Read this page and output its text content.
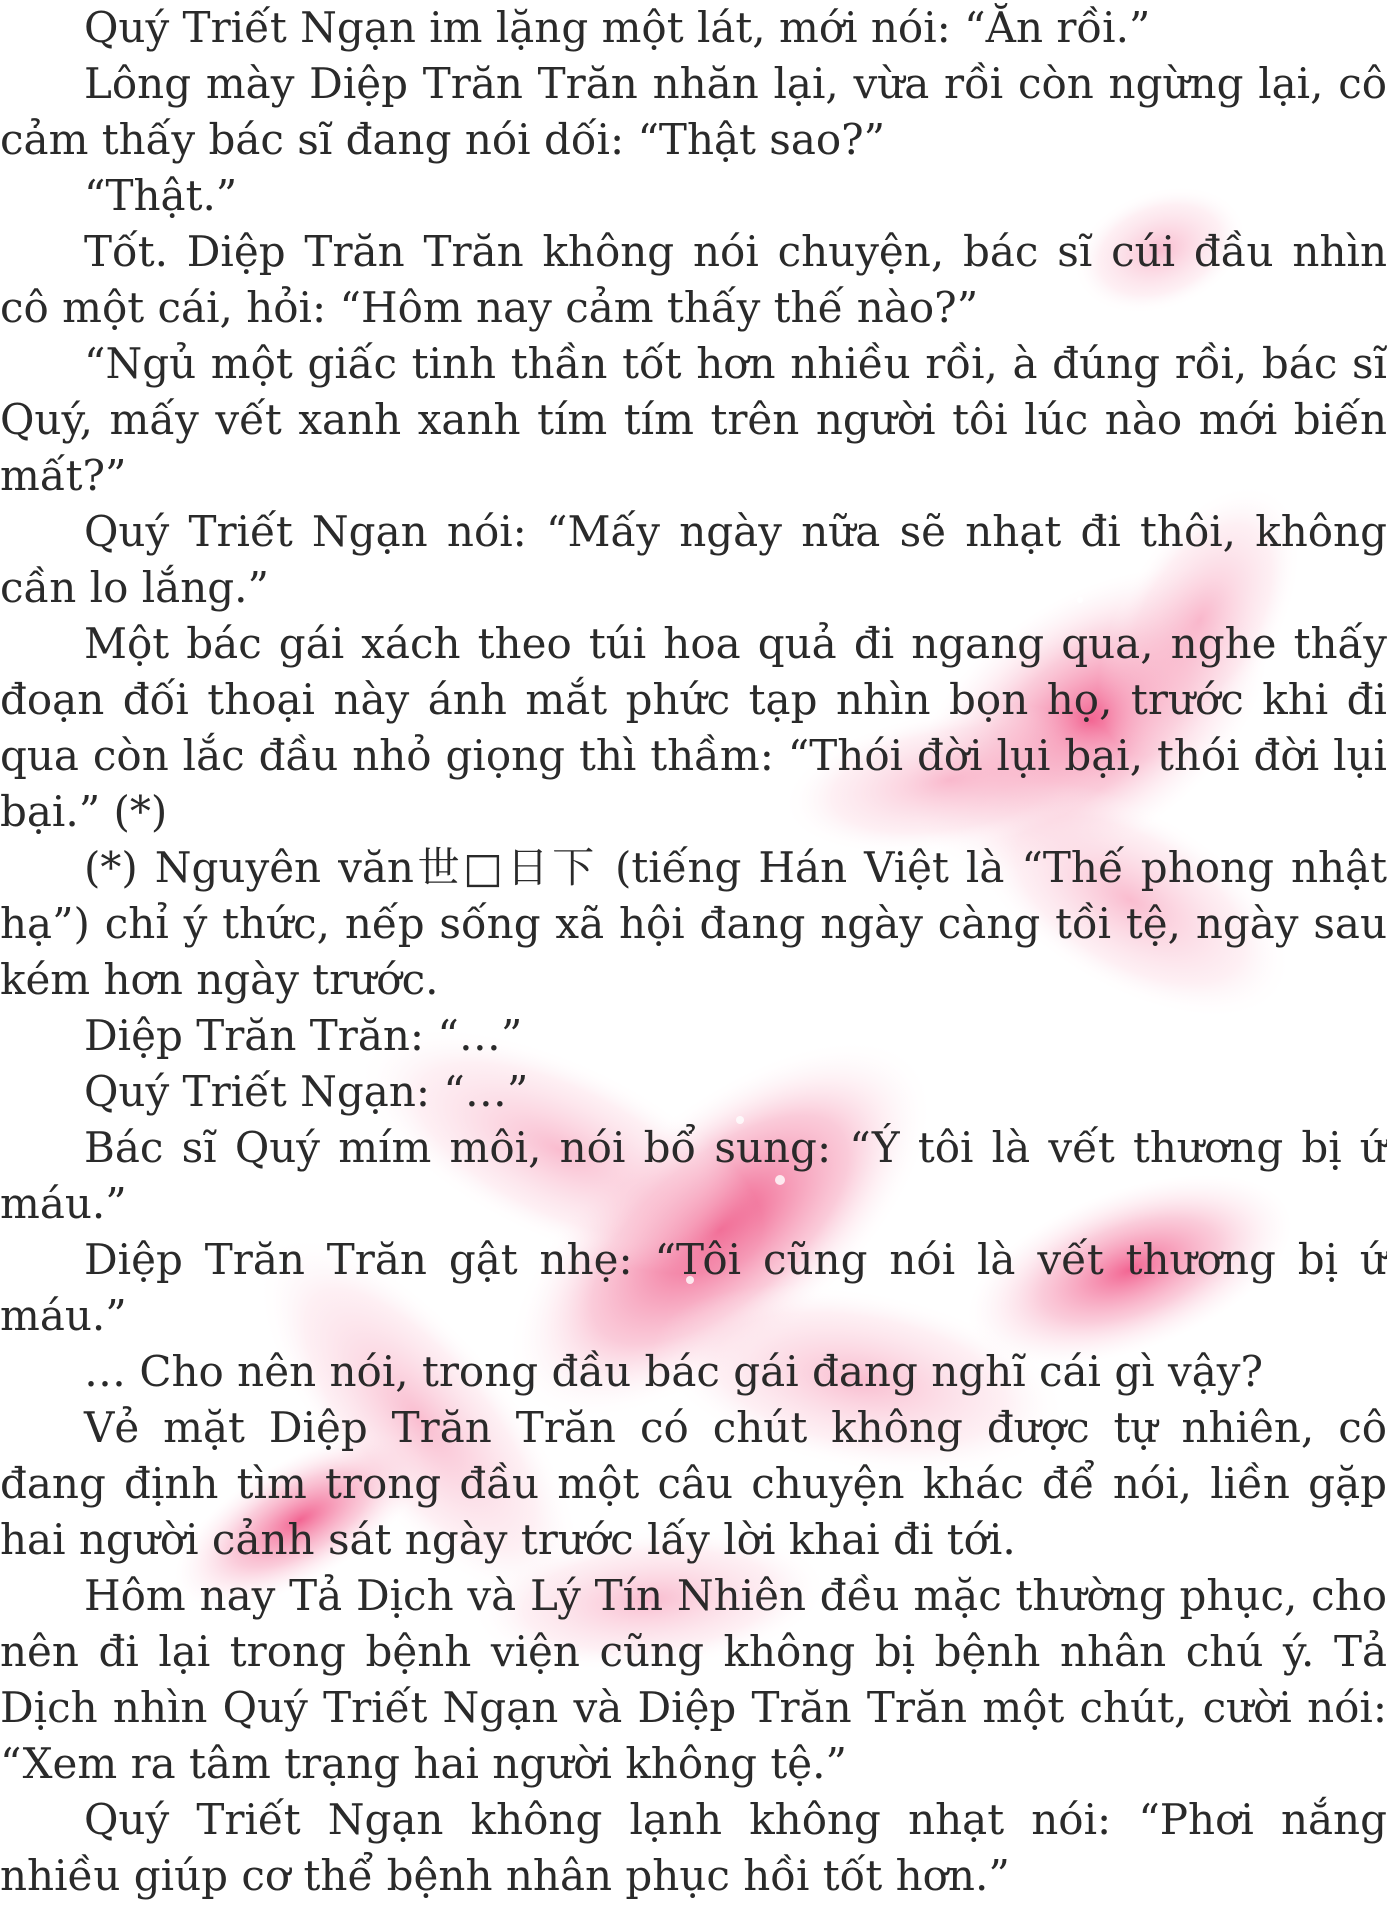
Quý Triết Ngạn im lặng một lát, mới nói: “Ăn rồi.”

Lông mày Diệp Trăn Trăn nhăn lại, vừa rồi còn ngừng lại, cô cảm thấy bác sĩ đang nói dối: “Thật sao?”

“Thật.”

Tốt. Diệp Trăn Trăn không nói chuyện, bác sĩ cúi đầu nhìn cô một cái, hỏi: “Hôm nay cảm thấy thế nào?”

“Ngủ một giấc tinh thần tốt hơn nhiều rồi, à đúng rồi, bác sĩ Quý, mấy vết xanh xanh tím tím trên người tôi lúc nào mới biến mất?”

Quý Triết Ngạn nói: “Mấy ngày nữa sẽ nhạt đi thôi, không cần lo lắng.”

Một bác gái xách theo túi hoa quả đi ngang qua, nghe thấy đoạn đối thoại này ánh mắt phức tạp nhìn bọn họ, trước khi đi qua còn lắc đầu nhỏ giọng thì thầm: “Thói đời lụi bại, thói đời lụi bại.” (*)

(*) Nguyên văn世□日下 (tiếng Hán Việt là “Thế phong nhật hạ”) chỉ ý thức, nếp sống xã hội đang ngày càng tồi tệ, ngày sau kém hơn ngày trước.

Diệp Trăn Trăn: “…”

Quý Triết Ngạn: “…”

Bác sĩ Quý mím môi, nói bổ sung: “Ý tôi là vết thương bị ứ máu.”

Diệp Trăn Trăn gật nhẹ: “Tôi cũng nói là vết thương bị ứ máu.”

… Cho nên nói, trong đầu bác gái đang nghĩ cái gì vậy?

Vẻ mặt Diệp Trăn Trăn có chút không được tự nhiên, cô đang định tìm trong đầu một câu chuyện khác để nói, liền gặp hai người cảnh sát ngày trước lấy lời khai đi tới.

Hôm nay Tả Dịch và Lý Tín Nhiên đều mặc thường phục, cho nên đi lại trong bệnh viện cũng không bị bệnh nhân chú ý. Tả Dịch nhìn Quý Triết Ngạn và Diệp Trăn Trăn một chút, cười nói: “Xem ra tâm trạng hai người không tệ.”

Quý Triết Ngạn không lạnh không nhạt nói: “Phơi nắng nhiều giúp cơ thể bệnh nhân phục hồi tốt hơn.”
